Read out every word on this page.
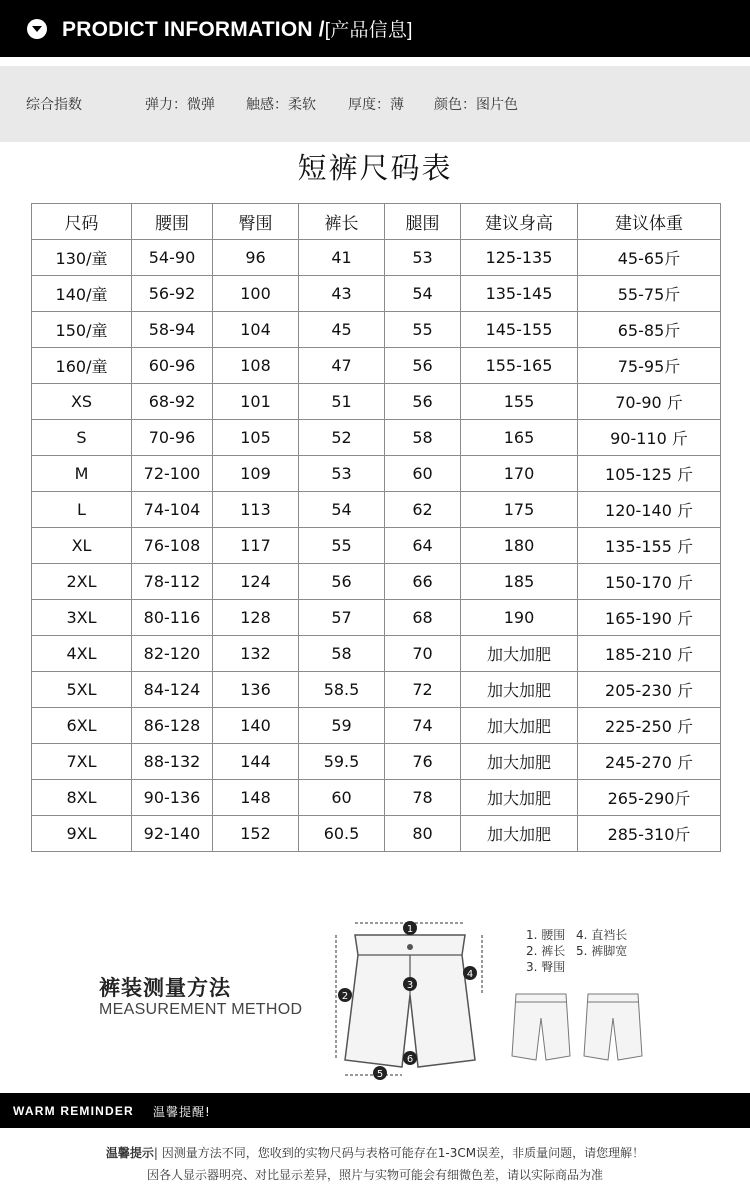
PRODICT INFORMATION /[产品信息]
综合指数	弹力：微弹 触感：柔软 厚度：薄 颜色：图片色
短裤尺码表
尺码	腰围	臀围	裤长	腿围	建议身高	建议体重
130/童	54-90	96	41	53	125-135	45-65斤
140/童	56-92	100	43	54	135-145	55-75斤
150/童	58-94	104	45	55	145-155	65-85斤
160/童	60-96	108	47	56	155-165	75-95斤
XS	68-92	101	51	56	155	70-90 斤
S	70-96	105	52	58	165	90-110 斤
M	72-100	109	53	60	170	105-125 斤
L	74-104	113	54	62	175	120-140 斤
XL	76-108	117	55	64	180	135-155 斤
2XL	78-112	124	56	66	185	150-170 斤
3XL	80-116	128	57	68	190	165-190 斤
4XL	82-120	132	58	70	加大加肥	185-210 斤
5XL	84-124	136	58.5	72	加大加肥	205-230 斤
6XL	86-128	140	59	74	加大加肥	225-250 斤
7XL	88-132	144	59.5	76	加大加肥	245-270 斤
8XL	90-136	148	60	78	加大加肥	265-290斤
9XL	92-140	152	60.5	80	加大加肥	285-310斤
裤装测量方法
MEASUREMENT METHOD
1
2
3
4
5
6
1. 腰围 4. 直裆长
2. 裤长 5. 裤脚宽
3. 臀围
WARM REMINDER 温馨提醒!
温馨提示| 因测量方法不同，您收到的实物尺码与表格可能存在1-3CM误差，非质量问题，请您理解！
因各人显示器明亮、对比显示差异，照片与实物可能会有细微色差，请以实际商品为准
